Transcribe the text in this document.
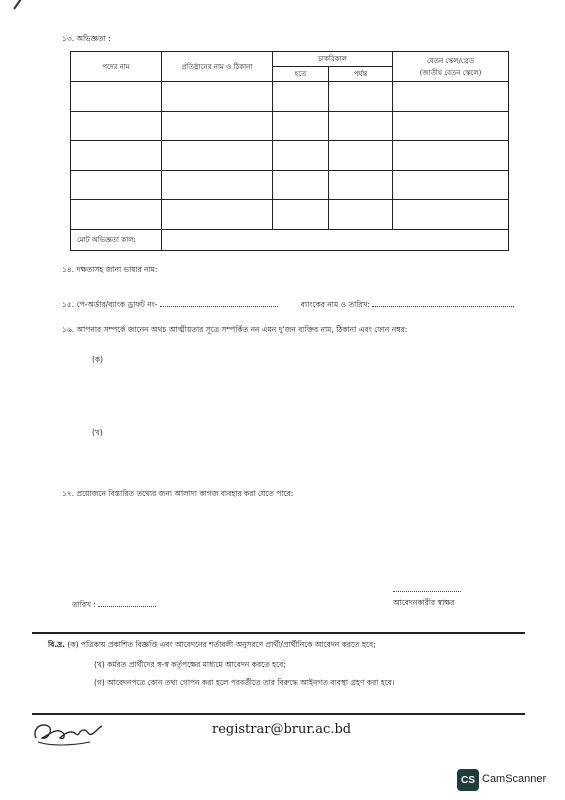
১৩. অভিজ্ঞতা :
পদের নাম	প্রতিষ্ঠানের নাম ও ঠিকানা	চাকরিকাল		বেতন স্কেল/গ্রেড
(জাতীয় বেতন স্কেলে)

		হতে	পর্যন্ত	

মোট অভিজ্ঞতা কাল:				
১৪. দক্ষতাসহ জানা ভাষার নাম:
১৫. পে-অর্ডার/ব্যাংক ড্রাফট নং-	ব্যাংকের নাম ও তারিখ:
১৬. আপনার সম্পর্কে জানেন অথচ আত্মীয়তার সূত্রে সম্পর্কিত নন এমন দু'জন ব্যক্তির নাম, ঠিকানা এবং ফোন নম্বর:
(ক)
(খ)
১৭. প্রয়োজনে বিস্তারিত তথ্যের জন্য আলাদা কাগজ ব্যবহার করা যেতে পারে:
তারিখ :	আবেদনকারীর স্বাক্ষর
বি.দ্র. (ক) পত্রিকায় প্রকাশিত বিজ্ঞপ্তি এবং আবেদনের শর্তাবলী অনুসরণে প্রার্থী/প্রার্থীনিকে আবেদন করতে হবে;
(খ) কর্মরত প্রার্থীদের স্ব-স্ব কর্তৃপক্ষের মাধ্যমে আবেদন করতে হবে;
(গ) আবেদনপত্রে কোন তথ্য গোপন করা হলে পরবর্তীতে তার বিরুদ্ধে আইনগত ব্যবস্থা গ্রহণ করা হবে।
registrar@brur.ac.bd
CS CamScanner
